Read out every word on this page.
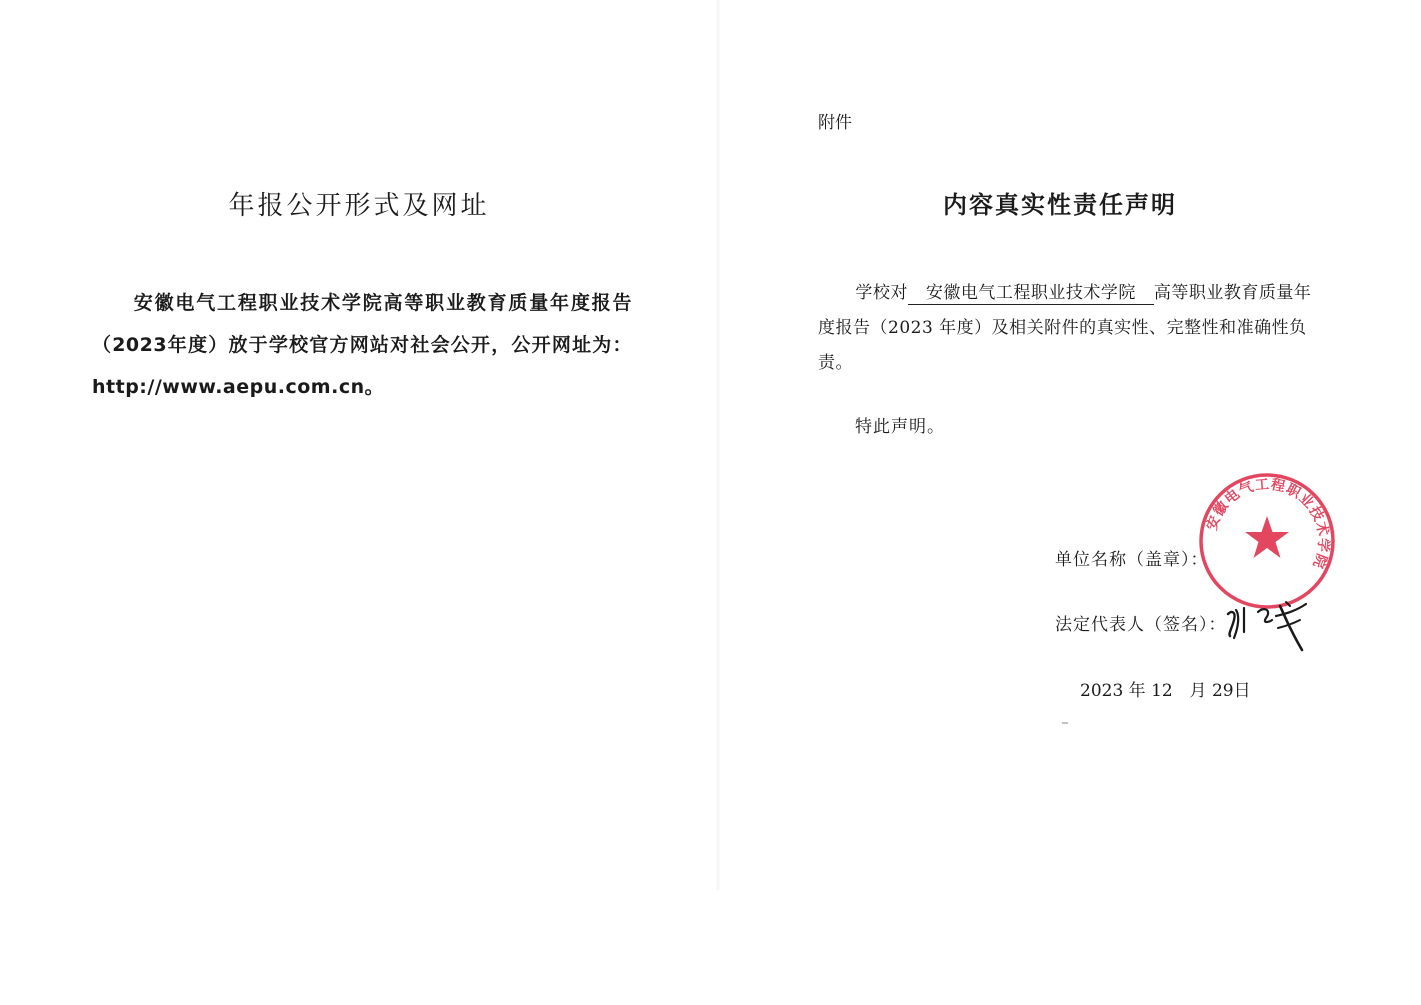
年报公开形式及网址
安徽电气工程职业技术学院高等职业教育质量年度报告（2023年度）放于学校官方网站对社会公开，公开网址为：http://www.aepu.com.cn。
附件
内容真实性责任声明
学校对 安徽电气工程职业技术学院 高等职业教育质量年度报告（2023 年度）及相关附件的真实性、完整性和准确性负责。
特此声明。
单位名称（盖章）：
法定代表人（签名）：
2023 年 12 月 29日
安徽电气工程职业技术学院
